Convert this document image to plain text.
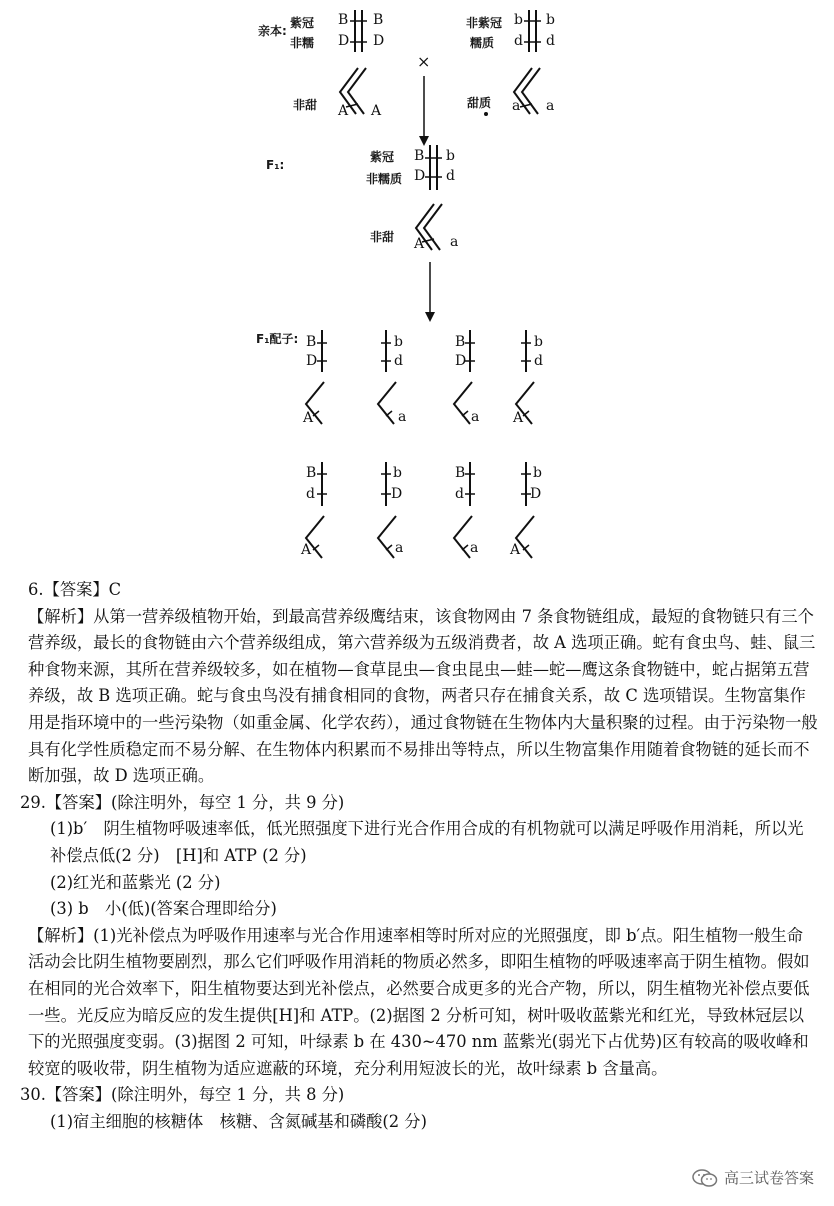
亲本:
紫冠
非糯
B B
D D
非甜 A A
×
非紫冠
糯质
b b
d d
甜质 a a
F₁:
紫冠
非糯质
B b
D d
非甜 A a
F₁配子: B
D
A
b
d
a
B
D
a
b
d
A
B
d
A
b
D
a
B
d
a
b
D
A

6.【答案】C

【解析】从第一营养级植物开始，到最高营养级鹰结束，该食物网由 7 条食物链组成，最短的食物链只有三个营养级，最长的食物链由六个营养级组成，第六营养级为五级消费者，故 A 选项正确。蛇有食虫鸟、蛙、鼠三种食物来源，其所在营养级较多，如在植物—食草昆虫—食虫昆虫—蛙—蛇—鹰这条食物链中，蛇占据第五营养级，故 B 选项正确。蛇与食虫鸟没有捕食相同的食物，两者只存在捕食关系，故 C 选项错误。生物富集作用是指环境中的一些污染物（如重金属、化学农药），通过食物链在生物体内大量积聚的过程。由于污染物一般具有化学性质稳定而不易分解、在生物体内积累而不易排出等特点，所以生物富集作用随着食物链的延长而不断加强，故 D 选项正确。

29.【答案】(除注明外，每空 1 分，共 9 分)

(1)b′　阴生植物呼吸速率低，低光照强度下进行光合作用合成的有机物就可以满足呼吸作用消耗，所以光补偿点低(2 分)　[H]和 ATP (2 分)

(2)红光和蓝紫光 (2 分)

(3) b　小(低)(答案合理即给分)

【解析】(1)光补偿点为呼吸作用速率与光合作用速率相等时所对应的光照强度，即 b′点。阳生植物一般生命活动会比阴生植物要剧烈，那么它们呼吸作用消耗的物质必然多，即阳生植物的呼吸速率高于阴生植物。假如在相同的光合效率下，阳生植物要达到光补偿点，必然要合成更多的光合产物，所以，阴生植物光补偿点要低一些。光反应为暗反应的发生提供[H]和 ATP。(2)据图 2 分析可知，树叶吸收蓝紫光和红光，导致林冠层以下的光照强度变弱。(3)据图 2 可知，叶绿素 b 在 430~470 nm 蓝紫光(弱光下占优势)区有较高的吸收峰和较宽的吸收带，阴生植物为适应遮蔽的环境，充分利用短波长的光，故叶绿素 b 含量高。

30.【答案】(除注明外，每空 1 分，共 8 分)

(1)宿主细胞的核糖体　核糖、含氮碱基和磷酸(2 分)

高三试卷答案
